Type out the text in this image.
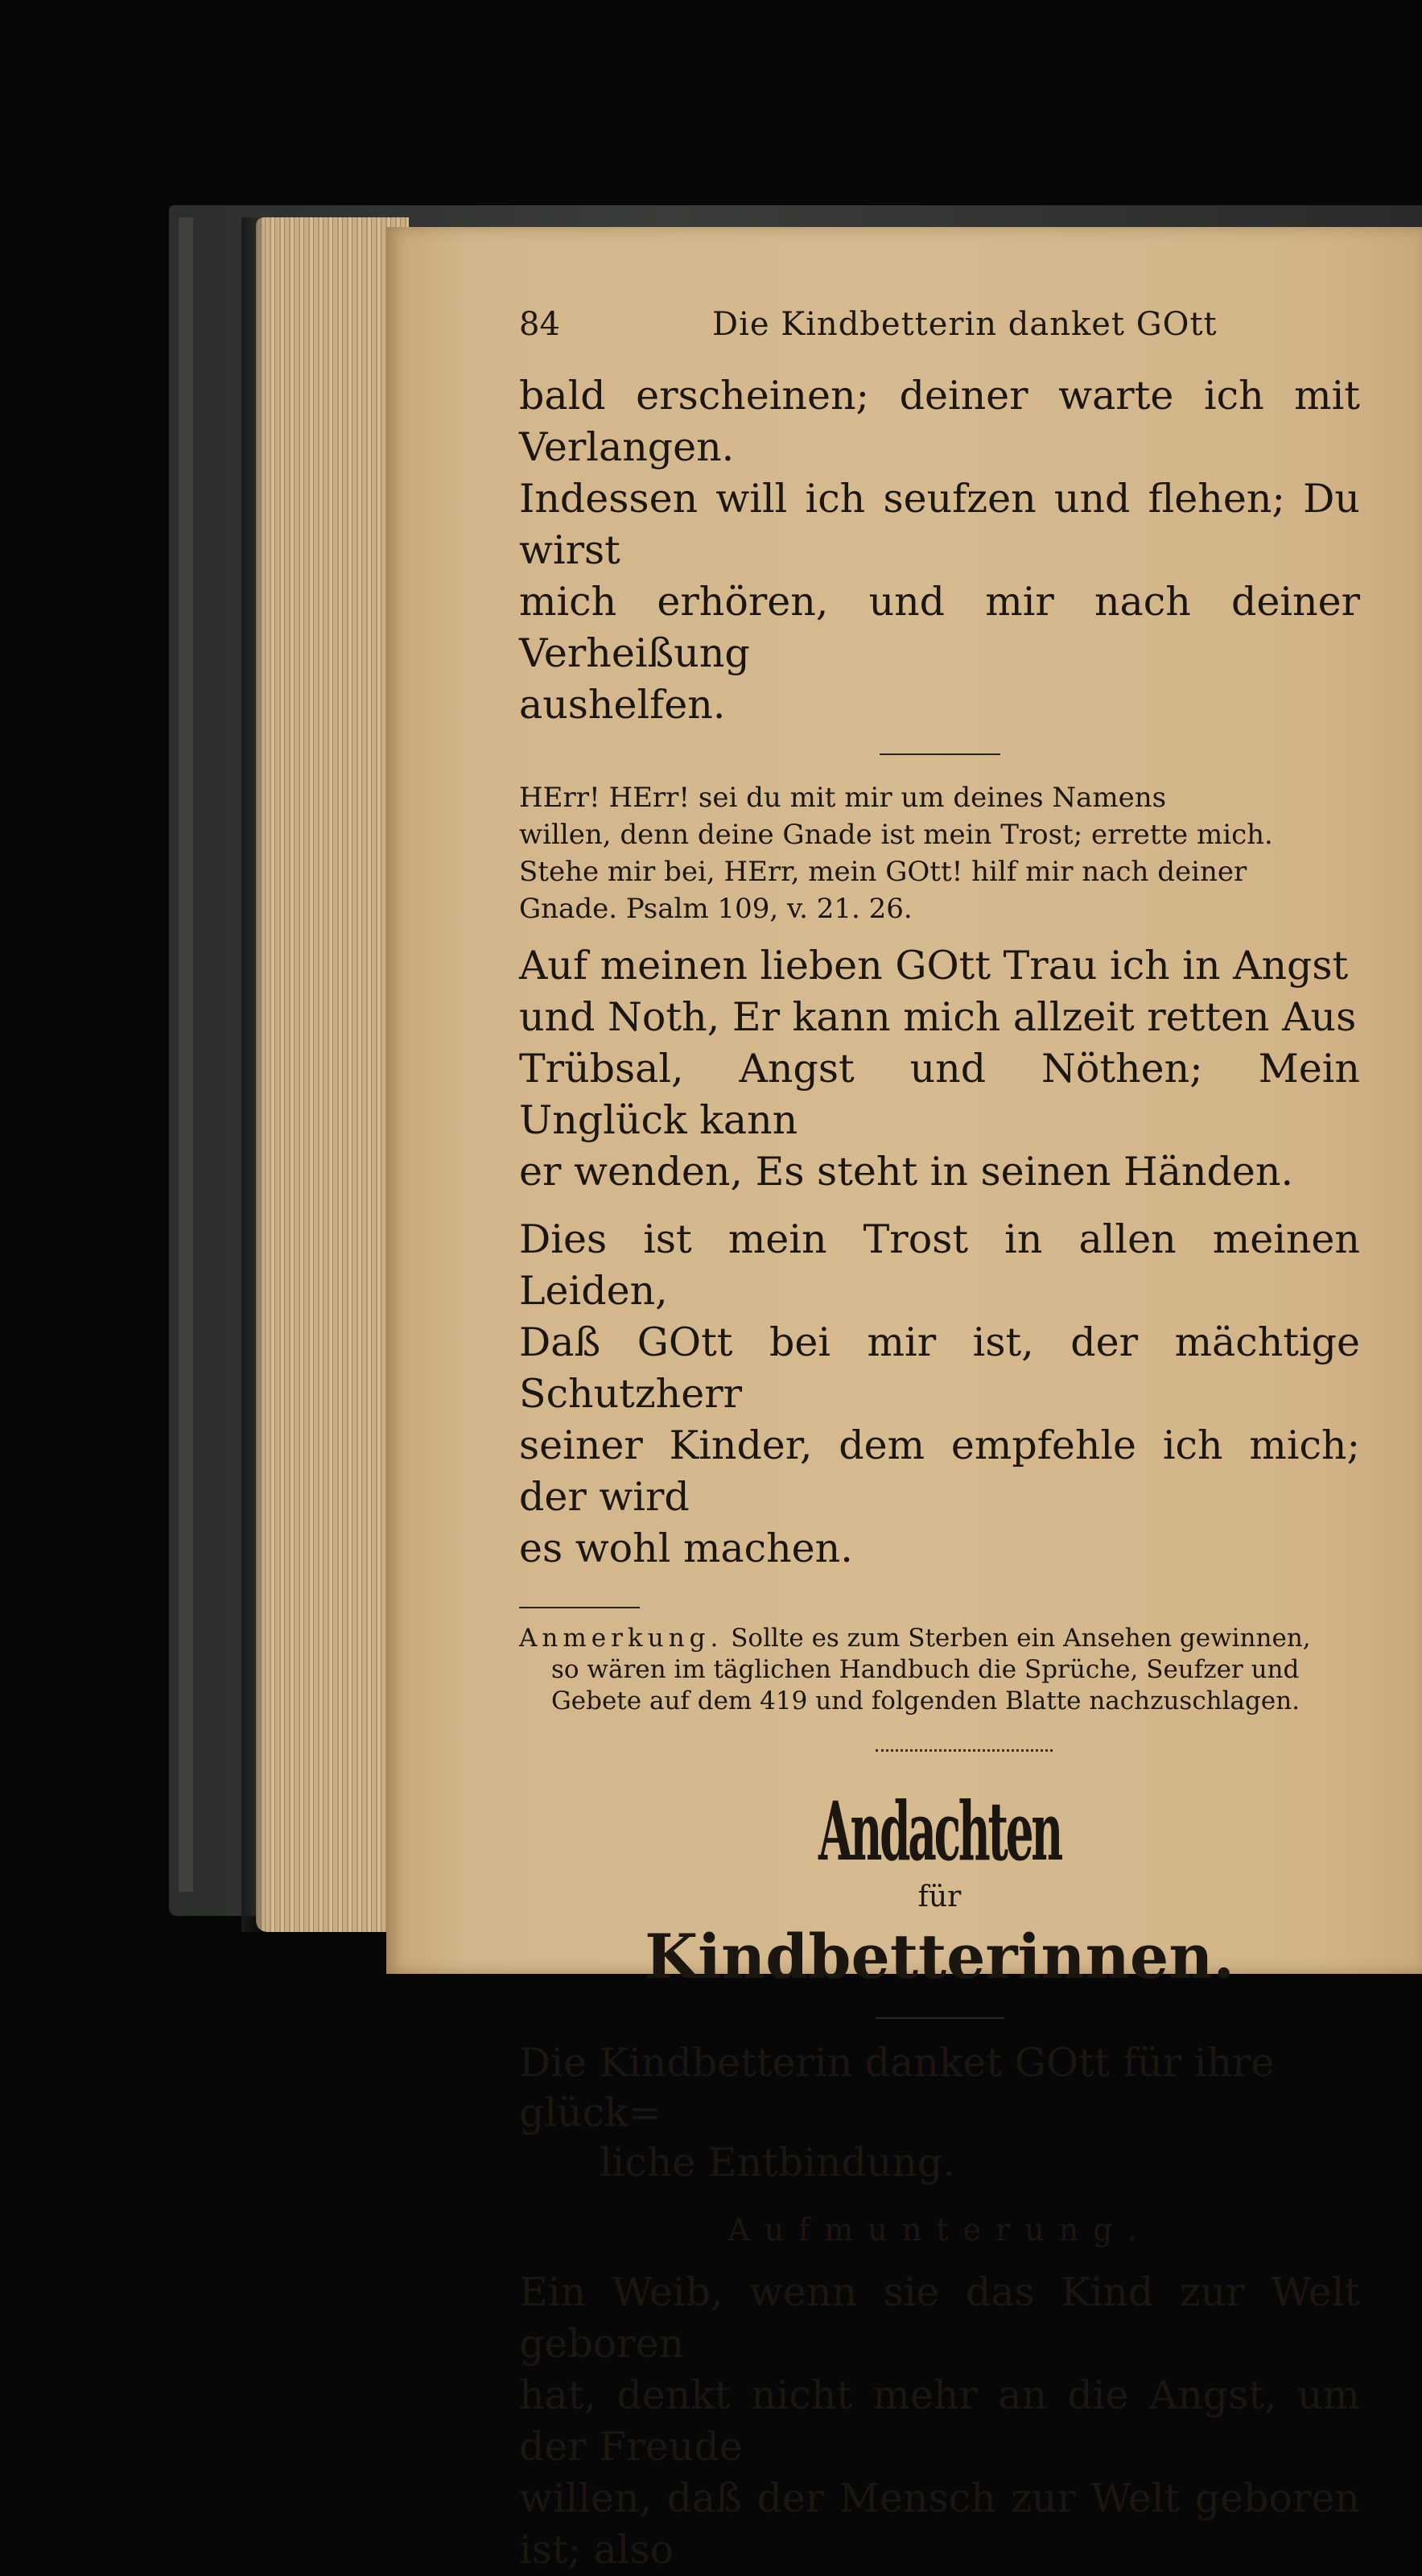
84	Die Kindbetterin danket GOtt

bald erscheinen; deiner warte ich mit Verlangen.
Indessen will ich seufzen und flehen; Du wirst
mich erhören, und mir nach deiner Verheißung
aushelfen.

HErr! HErr! sei du mit mir um deines Namens
willen, denn deine Gnade ist mein Trost; errette mich.
Stehe mir bei, HErr, mein GOtt! hilf mir nach deiner
Gnade. Psalm 109, v. 21. 26.

Auf meinen lieben GOtt Trau ich in Angst
und Noth, Er kann mich allzeit retten Aus
Trübsal, Angst und Nöthen; Mein Unglück kann
er wenden, Es steht in seinen Händen.

Dies ist mein Trost in allen meinen Leiden,
Daß GOtt bei mir ist, der mächtige Schutzherr
seiner Kinder, dem empfehle ich mich; der wird
es wohl machen.

Anmerkung. Sollte es zum Sterben ein Ansehen gewinnen,
so wären im täglichen Handbuch die Sprüche, Seufzer und
Gebete auf dem 419 und folgenden Blatte nachzuschlagen.

Andachten

für

Kindbetterinnen.

Die Kindbetterin danket GOtt für ihre glück=
liche Entbindung.

Aufmunterung.

Ein Weib, wenn sie das Kind zur Welt geboren
hat, denkt nicht mehr an die Angst, um der Freude
willen, daß der Mensch zur Welt geboren ist; also
